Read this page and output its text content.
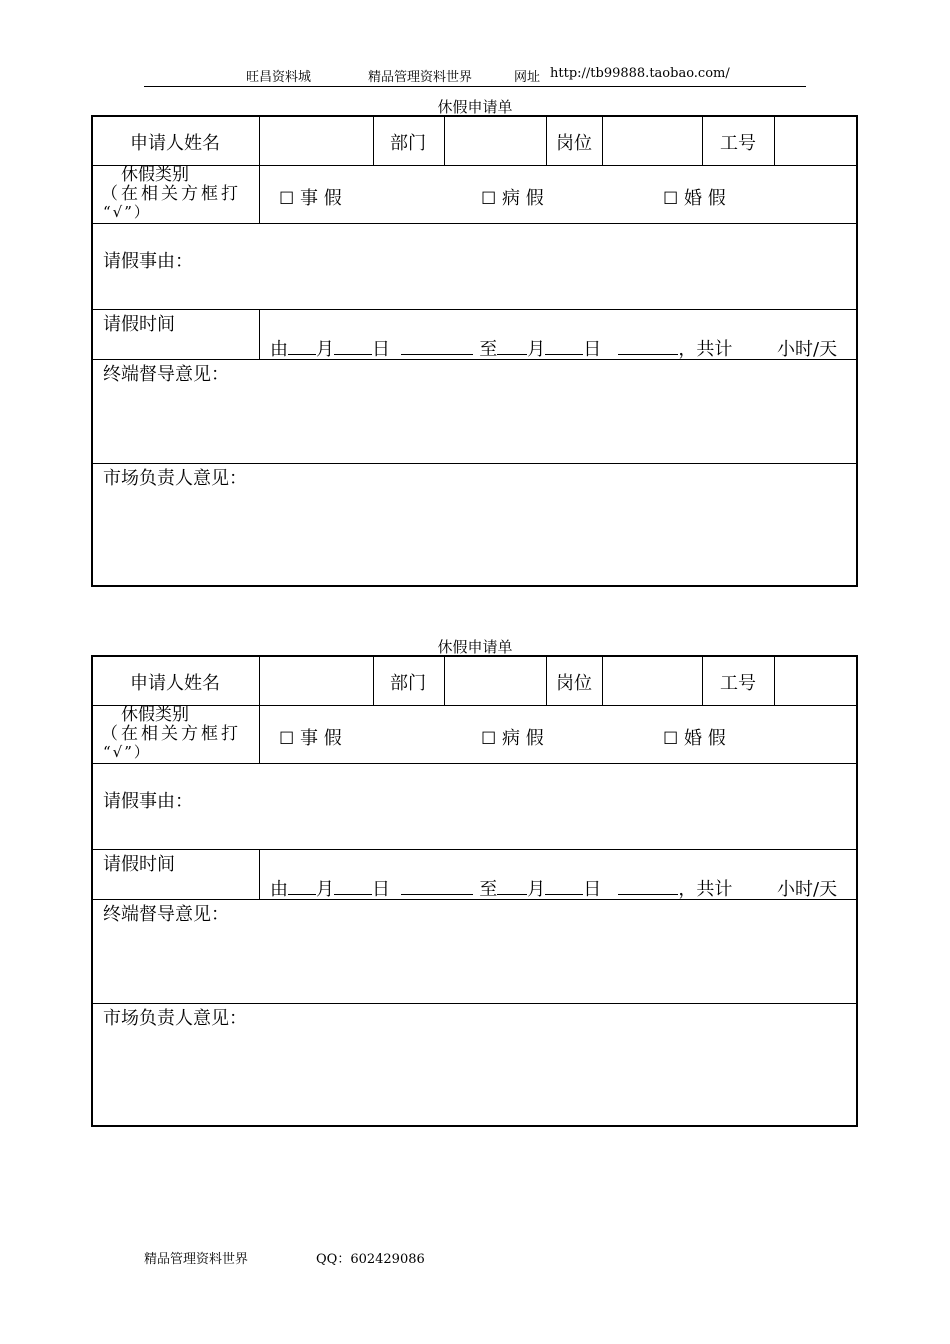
旺昌资料城	精品管理资料世界	网址 http://tb99888.taobao.com/
休假申请单
申请人姓名	部门	岗位	工号
休假类别
（在相关方框打
“√”）
☐ 事 假	☐ 病 假	☐ 婚 假
请假事由：
请假时间
由 月 日	至 月 日	，共计 小时/天
终端督导意见：
市场负责人意见：
休假申请单
申请人姓名	部门	岗位	工号
休假类别
（在相关方框打
“√”）
☐ 事 假	☐ 病 假	☐ 婚 假
请假事由：
请假时间
由 月 日	至 月 日	，共计 小时/天
终端督导意见：
市场负责人意见：
精品管理资料世界	QQ：602429086
